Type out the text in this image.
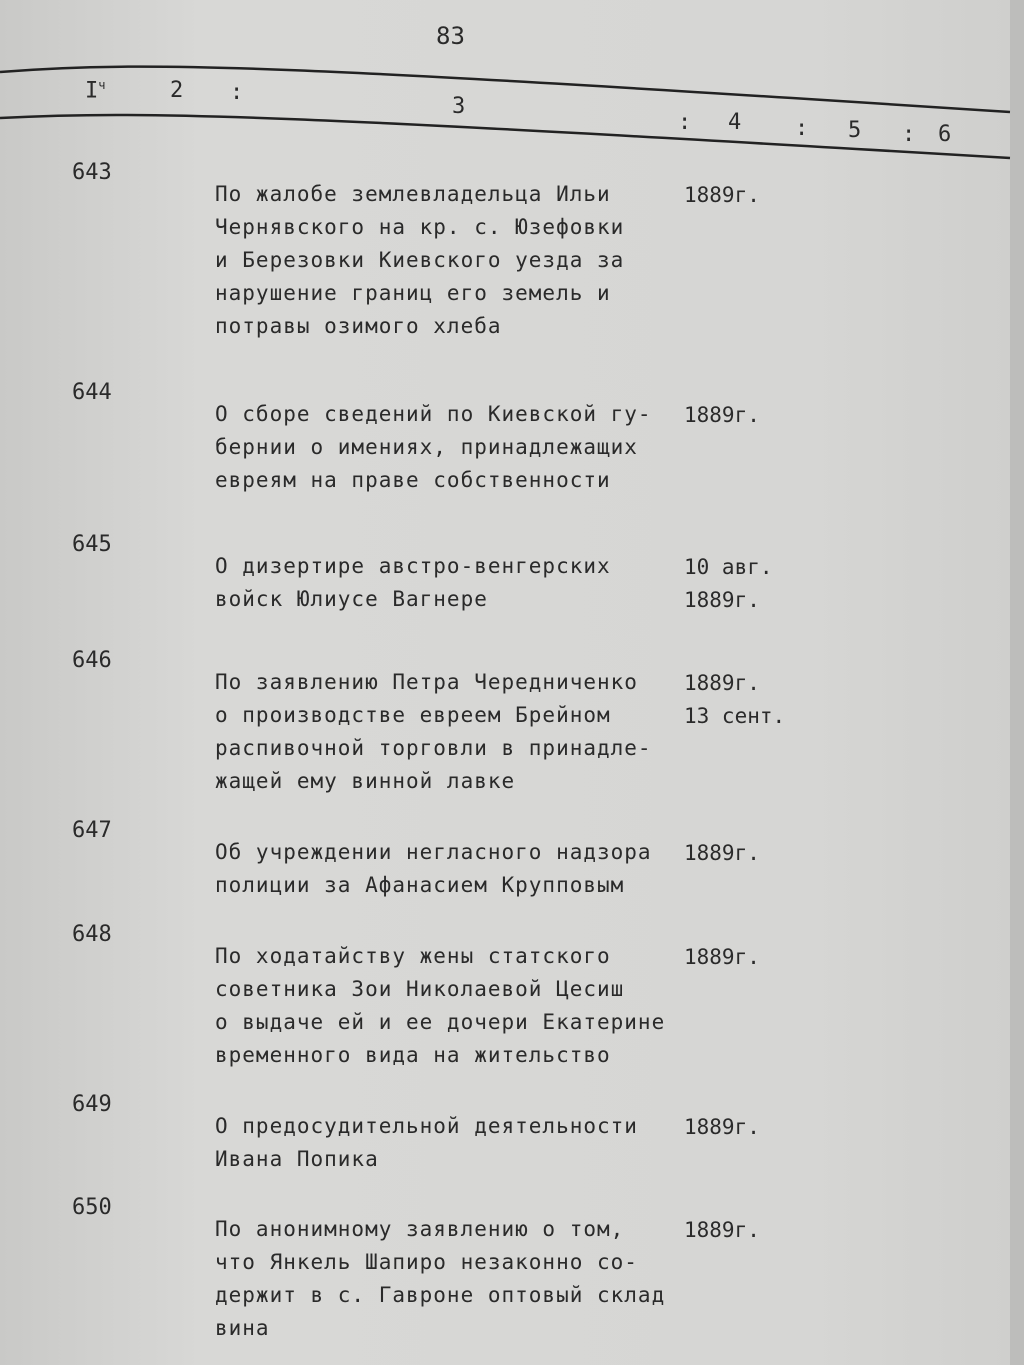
83
$I^ч$	2 :
3
: 4 : 5 : 6
643
По жалобе землевладельца Ильи
Чернявского на кр. с. Юзефовки
и Березовки Киевского уезда за
нарушение границ его земель и
потравы озимого хлеба
1889г.
644
О сборе сведений по Киевской гу-
бернии о имениях, принадлежащих
евреям на праве собственности
1889г.
645
О дизертире австро-венгерских
войск Юлиусе Вагнере
10 авг.
1889г.
646
По заявлению Петра Чередниченко
о производстве евреем Брейном
распивочной торговли в принадле-
жащей ему винной лавке
1889г.
13 сент.
647
Об учреждении негласного надзора
полиции за Афанасием Крупповым
1889г.
648
По ходатайству жены статского
советника Зои Николаевой Цесиш
о выдаче ей и ее дочери Екатерине
временного вида на жительство
1889г.
649
О предосудительной деятельности
Ивана Попика
1889г.
650
По анонимному заявлению о том,
что Янкель Шапиро незаконно со-
держит в с. Гавроне оптовый склад
вина
1889г.
